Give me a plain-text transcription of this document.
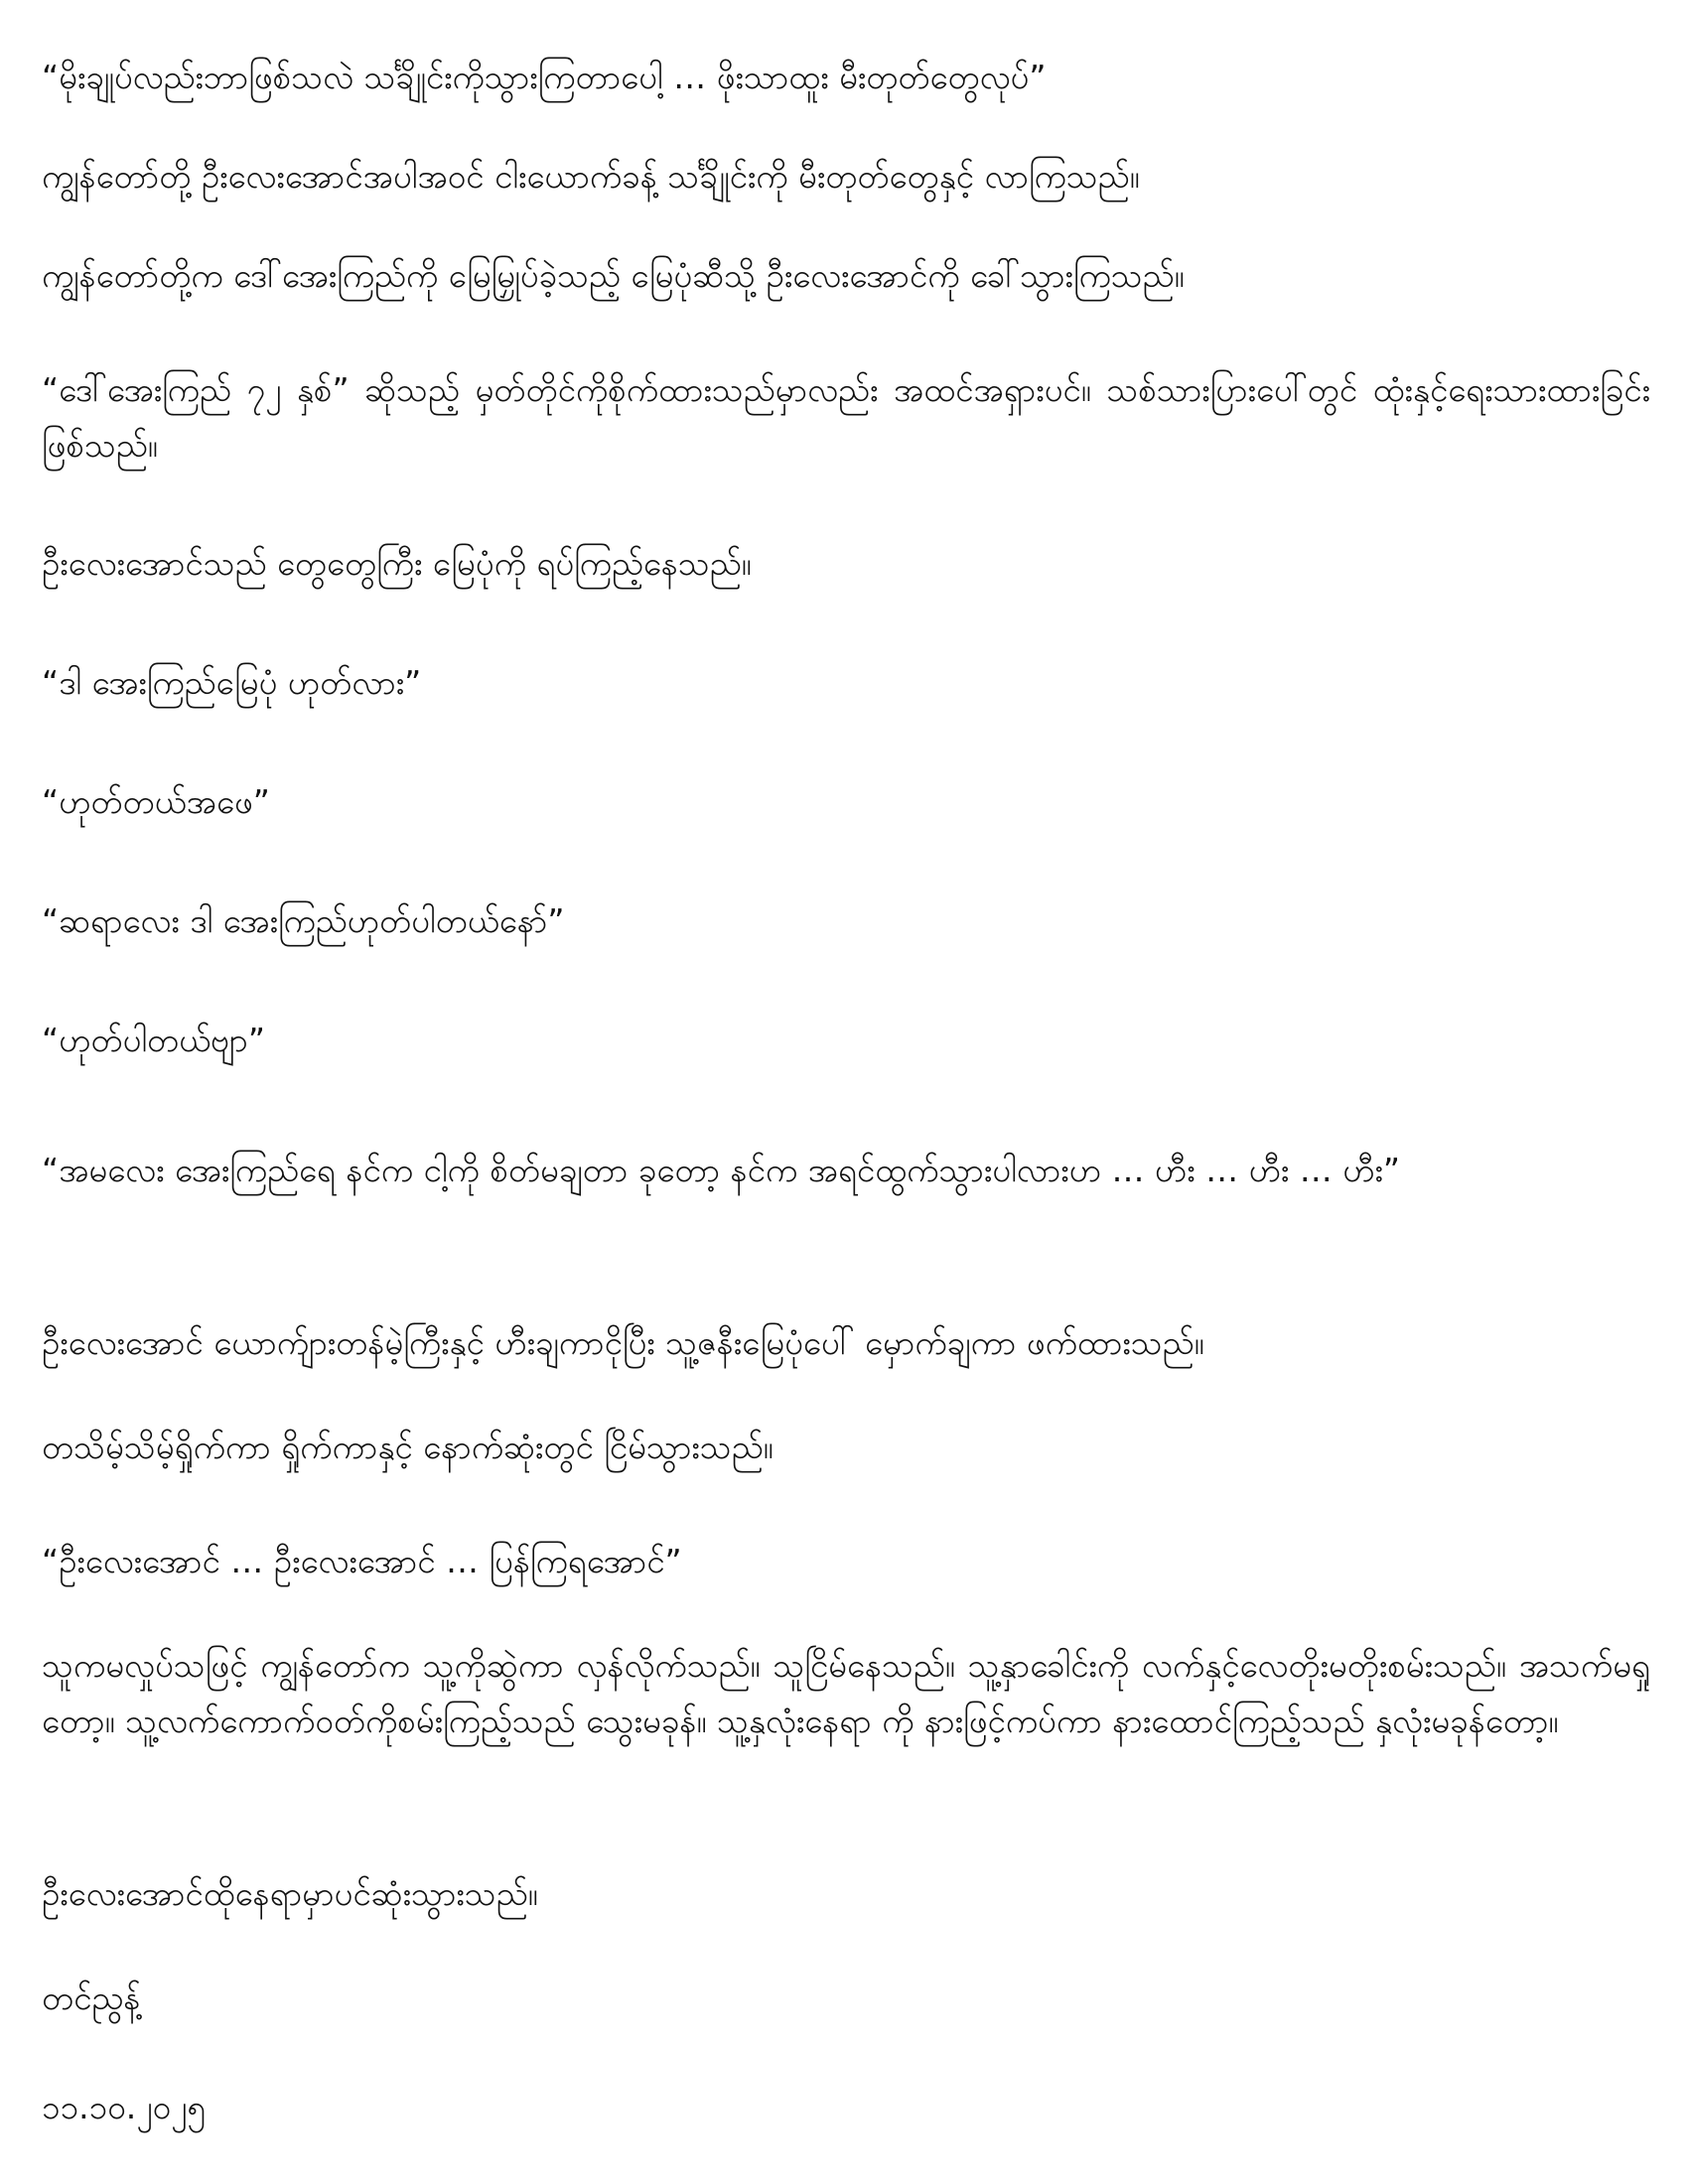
“မိုးချုပ်လည်းဘာဖြစ်သလဲ သင်္ချိုင်းကိုသွားကြတာပေါ့ … ဖိုးသာထူး မီးတုတ်တွေလုပ်”

ကျွန်တော်တို့ ဦးလေးအောင်အပါအဝင် ငါးယောက်ခန့် သင်္ချိုင်းကို မီးတုတ်တွေနှင့် လာကြသည်။

ကျွန်တော်တို့က ဒေါ်အေးကြည်ကို မြေမြှုပ်ခဲ့သည့် မြေပုံဆီသို့ ဦးလေးအောင်ကို ခေါ်သွားကြသည်။

“ဒေါ်အေးကြည် ၇၂ နှစ်” ဆိုသည့် မှတ်တိုင်ကိုစိုက်ထားသည်မှာလည်း အထင်အရှားပင်။ သစ်သားပြားပေါ်တွင် ထုံးနှင့်ရေးသားထားခြင်းဖြစ်သည်။

ဦးလေးအောင်သည် တွေတွေကြီး မြေပုံကို ရပ်ကြည့်နေသည်။

“ဒါ အေးကြည်မြေပုံ ဟုတ်လား”

“ဟုတ်တယ်အဖေ”

“ဆရာလေး ဒါ အေးကြည်ဟုတ်ပါတယ်နော်”

“ဟုတ်ပါတယ်ဗျာ”

“အမလေး အေးကြည်ရေ နင်က ငါ့ကို စိတ်မချတာ ခုတော့ နင်က အရင်ထွက်သွားပါလားဟ … ဟီး … ဟီး … ဟီး”

ဦးလေးအောင် ယောက်ျားတန်မဲ့ကြီးနှင့် ဟီးချကာငိုပြီး သူ့ဇနီးမြေပုံပေါ် မှောက်ချကာ ဖက်ထားသည်။

တသိမ့်သိမ့်ရှိုက်ကာ ရှိုက်ကာနှင့် နောက်ဆုံးတွင် ငြိမ်သွားသည်။

“ဦးလေးအောင် … ဦးလေးအောင် … ပြန်ကြရအောင်”

သူကမလှုပ်သဖြင့် ကျွန်တော်က သူ့ကိုဆွဲကာ လှန်လိုက်သည်။ သူငြိမ်နေသည်။ သူ့နှာခေါင်းကို လက်နှင့်လေတိုးမတိုးစမ်းသည်။ အသက်မရှုတော့။ သူ့လက်ကောက်ဝတ်ကိုစမ်းကြည့်သည် သွေးမခုန်။ သူ့နှလုံးနေရာ ကို နားဖြင့်ကပ်ကာ နားထောင်ကြည့်သည် နှလုံးမခုန်တော့။

ဦးလေးအောင်ထိုနေရာမှာပင်ဆုံးသွားသည်။

တင်ညွန့်

၁၁.၁၀.၂၀၂၅
